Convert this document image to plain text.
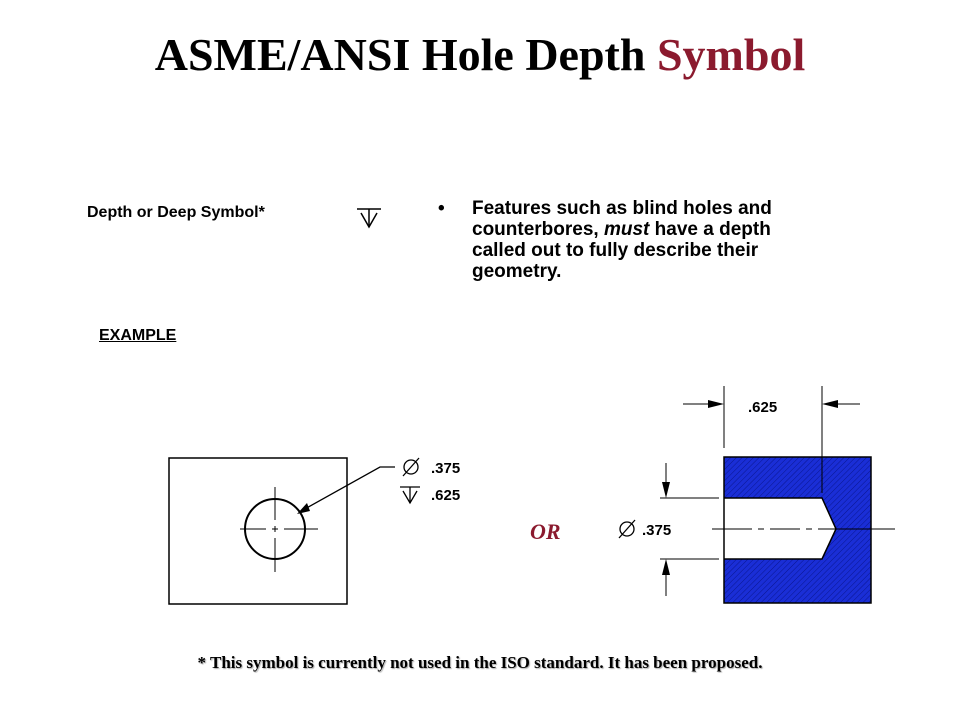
ASME/ANSI Hole Depth Symbol
Depth or Deep Symbol*	• Features such as blind holes and counterbores, must have a depth called out to fully describe their geometry.
EXAMPLE
.375
.625
OR
.625
.375
* This symbol is currently not used in the ISO standard. It has been proposed.
